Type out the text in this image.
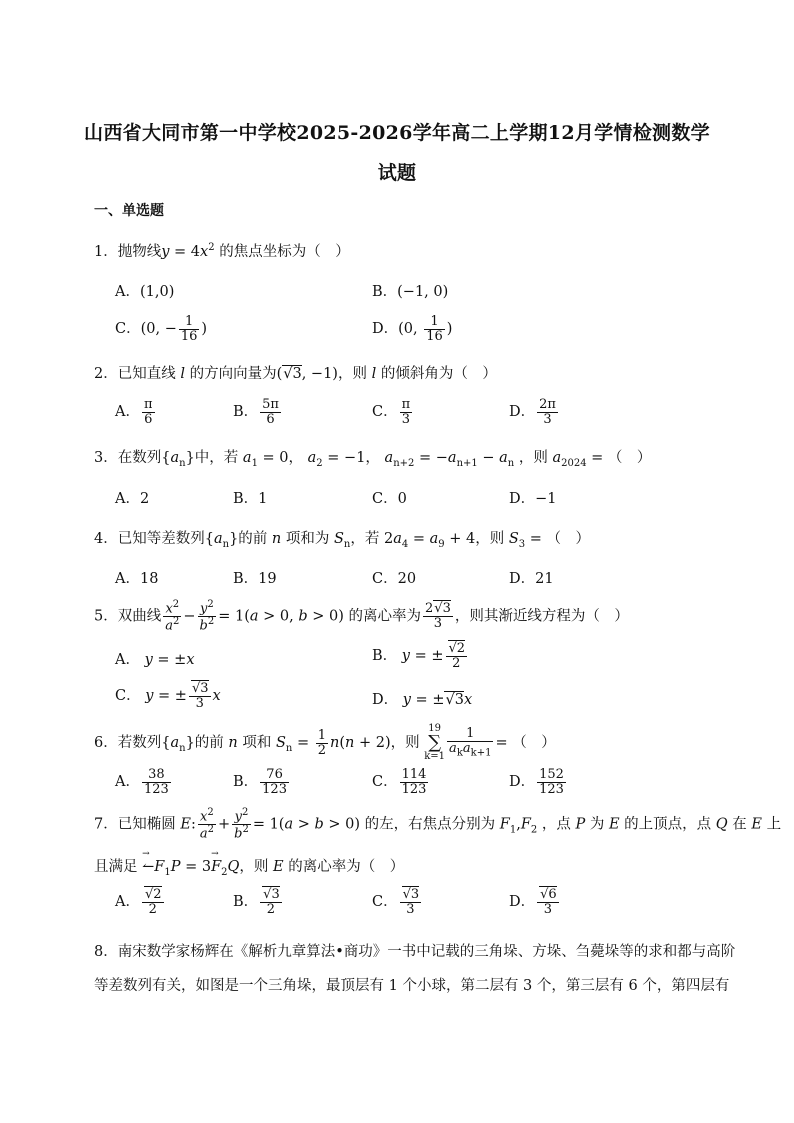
山西省大同市第一中学校2025-2026学年高二上学期12月学情检测数学
试题
一、单选题
1．抛物线$y = 4x^2$ 的焦点坐标为（　）
A．(1,0)	B．(−1, 0)
C．(0, − $\frac{1}{16}$ )	D．(0, $\frac{1}{16}$ )
2．已知直线 l 的方向向量为(√3, −1)，则 l 的倾斜角为（　）
A． $\frac{\pi}{6}$	B． $\frac{5\pi}{6}$	C． $\frac{\pi}{3}$	D． $\frac{2\pi}{3}$
3．在数列$\{a_n\}$中，若 $a_1 = 0$， $a_2 = -1$， $a_{n+2} = -a_{n+1} - a_n$ ，则 $a_{2024}$ = （　）
A．2	B．1	C．0	D．−1
4．已知等差数列$\{a_n\}$的前 n 项和为 $S_n$，若 $2a_4 = a_9 + 4$，则 $S_3$ = （　）
A．18	B．19	C．20	D．21
5．双曲线 $\frac{x^2}{a^2} - \frac{y^2}{b^2} = 1(a > 0$, b > 0) 的离心率为 $\frac{2√3}{3}$ ，则其渐近线方程为（　）
A． y = ±x	B． y = ± $\frac{√2}{2}$
C． y = ± $\frac{√3}{3}$ x	D． y = ±√3x
6．若数列$\{a_n\}$的前 n 项和 $S_n = \frac{1}{2} n(n + 2)$，则
19
∑
$k=1 \frac{1}{a_ka_{k+1}}$ = （　）
A． $\frac{38}{123}$	B． $\frac{76}{123}$	C． $\frac{114}{123}$	D． $\frac{152}{123}$
7．已知椭圆 E: $\frac{x^2}{a^2} + \frac{y^2}{b^2} = 1(a > b > 0)$ 的左，右焦点分别为 $F_1,F_2$ ，点 P 为 E 的上顶点，点 Q 在 E 上
且满足 ↼
→
$F_1P = 3$
→
$F_2Q$，则 E 的离心率为（　）
A． $\frac{√2}{2}$	B． $\frac{√3}{2}$	C． $\frac{√3}{3}$	D． $\frac{√6}{3}$
8．南宋数学家杨辉在《解析九章算法•商功》一书中记载的三角垛、方垛、刍薨垛等的求和都与高阶
等差数列有关，如图是一个三角垛，最顶层有 1 个小球，第二层有 3 个，第三层有 6 个，第四层有
